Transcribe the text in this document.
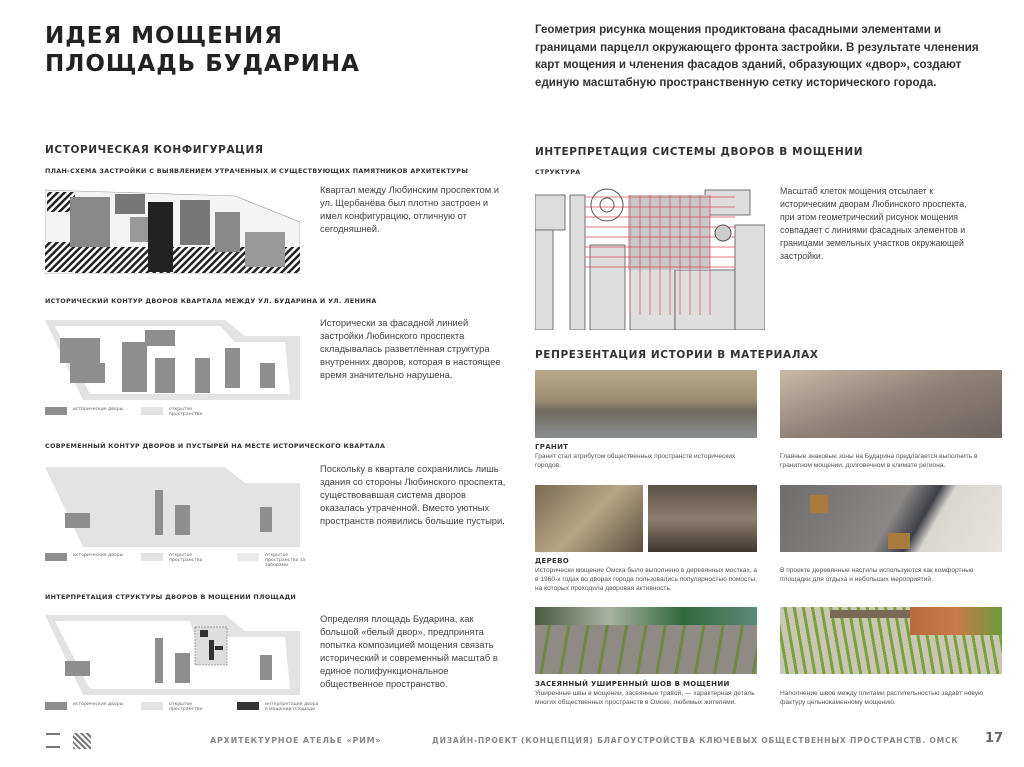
ИДЕЯ МОЩЕНИЯ
ПЛОЩАДЬ БУДАРИНА
Геометрия рисунка мощения продиктована фасадными элементами и границами парцелл окружающего фронта застройки. В результате членения карт мощения и членения фасадов зданий, образующих «двор», создают единую масштабную пространственную сетку исторического города.
ИСТОРИЧЕСКАЯ КОНФИГУРАЦИЯ
ПЛАН-СХЕМА ЗАСТРОЙКИ С ВЫЯВЛЕНИЕМ УТРАЧЕННЫХ И СУЩЕСТВУЮЩИХ ПАМЯТНИКОВ АРХИТЕКТУРЫ
Квартал между Любинским проспектом и ул. Щербанёва был плотно застроен и имел конфигурацию, отличную от сегодняшней.
ИСТОРИЧЕСКИЙ КОНТУР ДВОРОВ КВАРТАЛА МЕЖДУ УЛ. БУДАРИНА И УЛ. ЛЕНИНА
исторические дворы	открытое пространство
Исторически за фасадной линией застройки Любинского проспекта складывалась разветлённая структура внутренних дворов, которая в настоящее время значительно нарушена.
СОВРЕМЕННЫЙ КОНТУР ДВОРОВ И ПУСТЫРЕЙ НА МЕСТЕ ИСТОРИЧЕСКОГО КВАРТАЛА
исторические дворы	открытое пространство
открытое пространство за заборами
Поскольку в квартале сохранились лишь здания со стороны Любинского проспекта, существовавшая система дворов оказалась утраченной. Вместо уютных пространств появились большие пустыри.
ИНТЕРПРЕТАЦИЯ СТРУКТУРЫ ДВОРОВ В МОЩЕНИИ ПЛОЩАДИ
исторические дворы	открытое пространство
интерпретация двора в мощении площади
Определяя площадь Бударина, как большой «белый двор», предпринята попытка композицией мощения связать исторический и современный масштаб в единое полифункциональное общественное пространство.
ИНТЕРПРЕТАЦИЯ СИСТЕМЫ ДВОРОВ В МОЩЕНИИ
СТРУКТУРА
Масштаб клеток мощения отсылает к историческим дворам Любинского проспекта, при этом геометрический рисунок мощения совпадает с линиями фасадных элементов и границами земельных участков окружающей застройки.
РЕПРЕЗЕНТАЦИЯ ИСТОРИИ В МАТЕРИАЛАХ
ГРАНИТ
Гранит стал атрибутом общественных пространств исторических городов.
Главные знаковые зоны на Бударина предлагается выполнить в гранитном мощении, долговечном в климате региона.
ДЕРЕВО
Исторически мощение Омска было выполнено в деревянных мостках, а в 1960-х годах во дворах города пользовались популярностью помосты, на которых проходила дворовая активность.
В проекте деревянные настилы используются как комфортные площадки для отдыха и небольших мероприятий.
ЗАСЕЯННЫЙ УШИРЕННЫЙ ШОВ В МОЩЕНИИ
Уширенные швы в мощении, засеянные травой, — характерная деталь многих общественных пространств в Омске, любимых жителями.
Наполнение швов между плитами растительностью задаёт новую фактуру цельнокаменному мощению.
АРХИТЕКТУРНОЕ АТЕЛЬЕ «РИМ»	ДИЗАЙН-ПРОЕКТ (КОНЦЕПЦИЯ) БЛАГОУСТРОЙСТВА КЛЮЧЕВЫХ ОБЩЕСТВЕННЫХ ПРОСТРАНСТВ. ОМСК 17
